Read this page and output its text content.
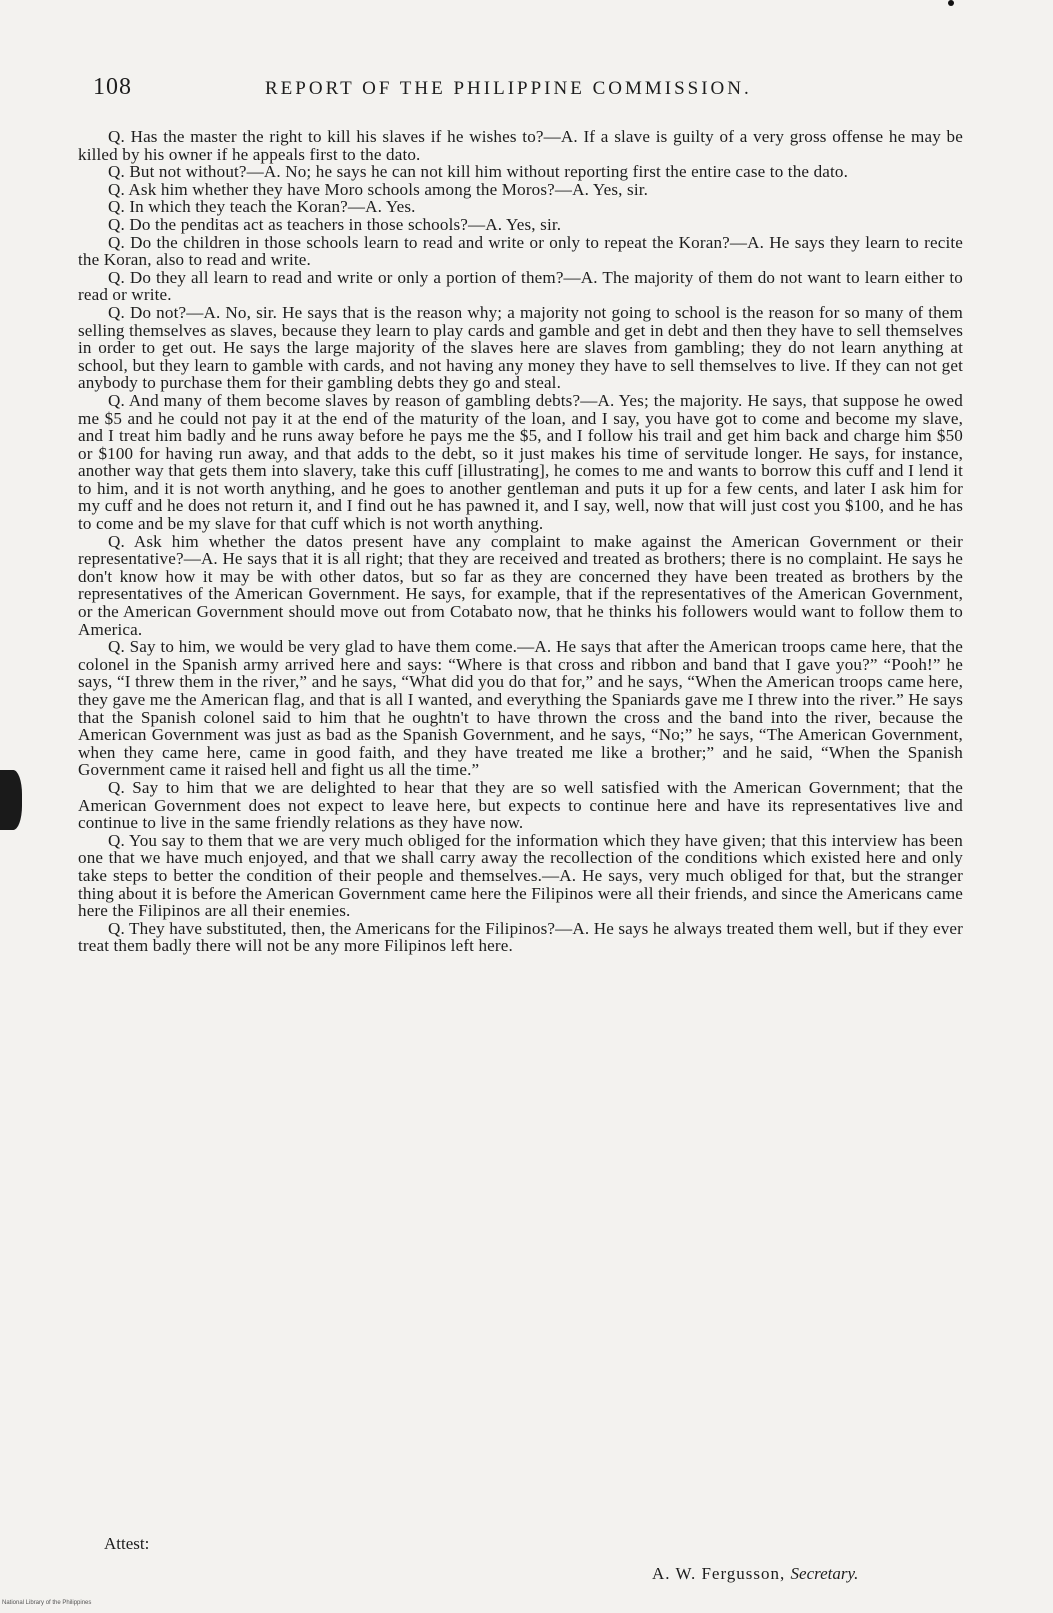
108	REPORT OF THE PHILIPPINE COMMISSION.

Q. Has the master the right to kill his slaves if he wishes to?—A. If a slave is guilty of a very gross offense he may be killed by his owner if he appeals first to the dato.

Q. But not without?—A. No; he says he can not kill him without reporting first the entire case to the dato.

Q. Ask him whether they have Moro schools among the Moros?—A. Yes, sir.

Q. In which they teach the Koran?—A. Yes.

Q. Do the penditas act as teachers in those schools?—A. Yes, sir.

Q. Do the children in those schools learn to read and write or only to repeat the Koran?—A. He says they learn to recite the Koran, also to read and write.

Q. Do they all learn to read and write or only a portion of them?—A. The majority of them do not want to learn either to read or write.

Q. Do not?—A. No, sir. He says that is the reason why; a majority not going to school is the reason for so many of them selling themselves as slaves, because they learn to play cards and gamble and get in debt and then they have to sell themselves in order to get out. He says the large majority of the slaves here are slaves from gambling; they do not learn anything at school, but they learn to gamble with cards, and not having any money they have to sell themselves to live. If they can not get anybody to purchase them for their gambling debts they go and steal.

Q. And many of them become slaves by reason of gambling debts?—A. Yes; the majority. He says, that suppose he owed me $5 and he could not pay it at the end of the maturity of the loan, and I say, you have got to come and become my slave, and I treat him badly and he runs away before he pays me the $5, and I follow his trail and get him back and charge him $50 or $100 for having run away, and that adds to the debt, so it just makes his time of servitude longer. He says, for instance, another way that gets them into slavery, take this cuff [illustrating], he comes to me and wants to borrow this cuff and I lend it to him, and it is not worth anything, and he goes to another gentleman and puts it up for a few cents, and later I ask him for my cuff and he does not return it, and I find out he has pawned it, and I say, well, now that will just cost you $100, and he has to come and be my slave for that cuff which is not worth anything.

Q. Ask him whether the datos present have any complaint to make against the American Government or their representative?—A. He says that it is all right; that they are received and treated as brothers; there is no complaint. He says he don't know how it may be with other datos, but so far as they are concerned they have been treated as brothers by the representatives of the American Government. He says, for example, that if the representatives of the American Government, or the American Government should move out from Cotabato now, that he thinks his followers would want to follow them to America.

Q. Say to him, we would be very glad to have them come.—A. He says that after the American troops came here, that the colonel in the Spanish army arrived here and says: “Where is that cross and ribbon and band that I gave you?” “Pooh!” he says, “I threw them in the river,” and he says, “What did you do that for,” and he says, “When the American troops came here, they gave me the American flag, and that is all I wanted, and everything the Spaniards gave me I threw into the river.” He says that the Spanish colonel said to him that he oughtn't to have thrown the cross and the band into the river, because the American Government was just as bad as the Spanish Government, and he says, “No;” he says, “The American Government, when they came here, came in good faith, and they have treated me like a brother;” and he said, “When the Spanish Government came it raised hell and fight us all the time.”

Q. Say to him that we are delighted to hear that they are so well satisfied with the American Government; that the American Government does not expect to leave here, but expects to continue here and have its representatives live and continue to live in the same friendly relations as they have now.

Q. You say to them that we are very much obliged for the information which they have given; that this interview has been one that we have much enjoyed, and that we shall carry away the recollection of the conditions which existed here and only take steps to better the condition of their people and themselves.—A. He says, very much obliged for that, but the stranger thing about it is before the American Government came here the Filipinos were all their friends, and since the Americans came here the Filipinos are all their enemies.

Q. They have substituted, then, the Americans for the Filipinos?—A. He says he always treated them well, but if they ever treat them badly there will not be any more Filipinos left here.

Attest:
A. W. Fergusson, Secretary.
National Library of the Philippines
